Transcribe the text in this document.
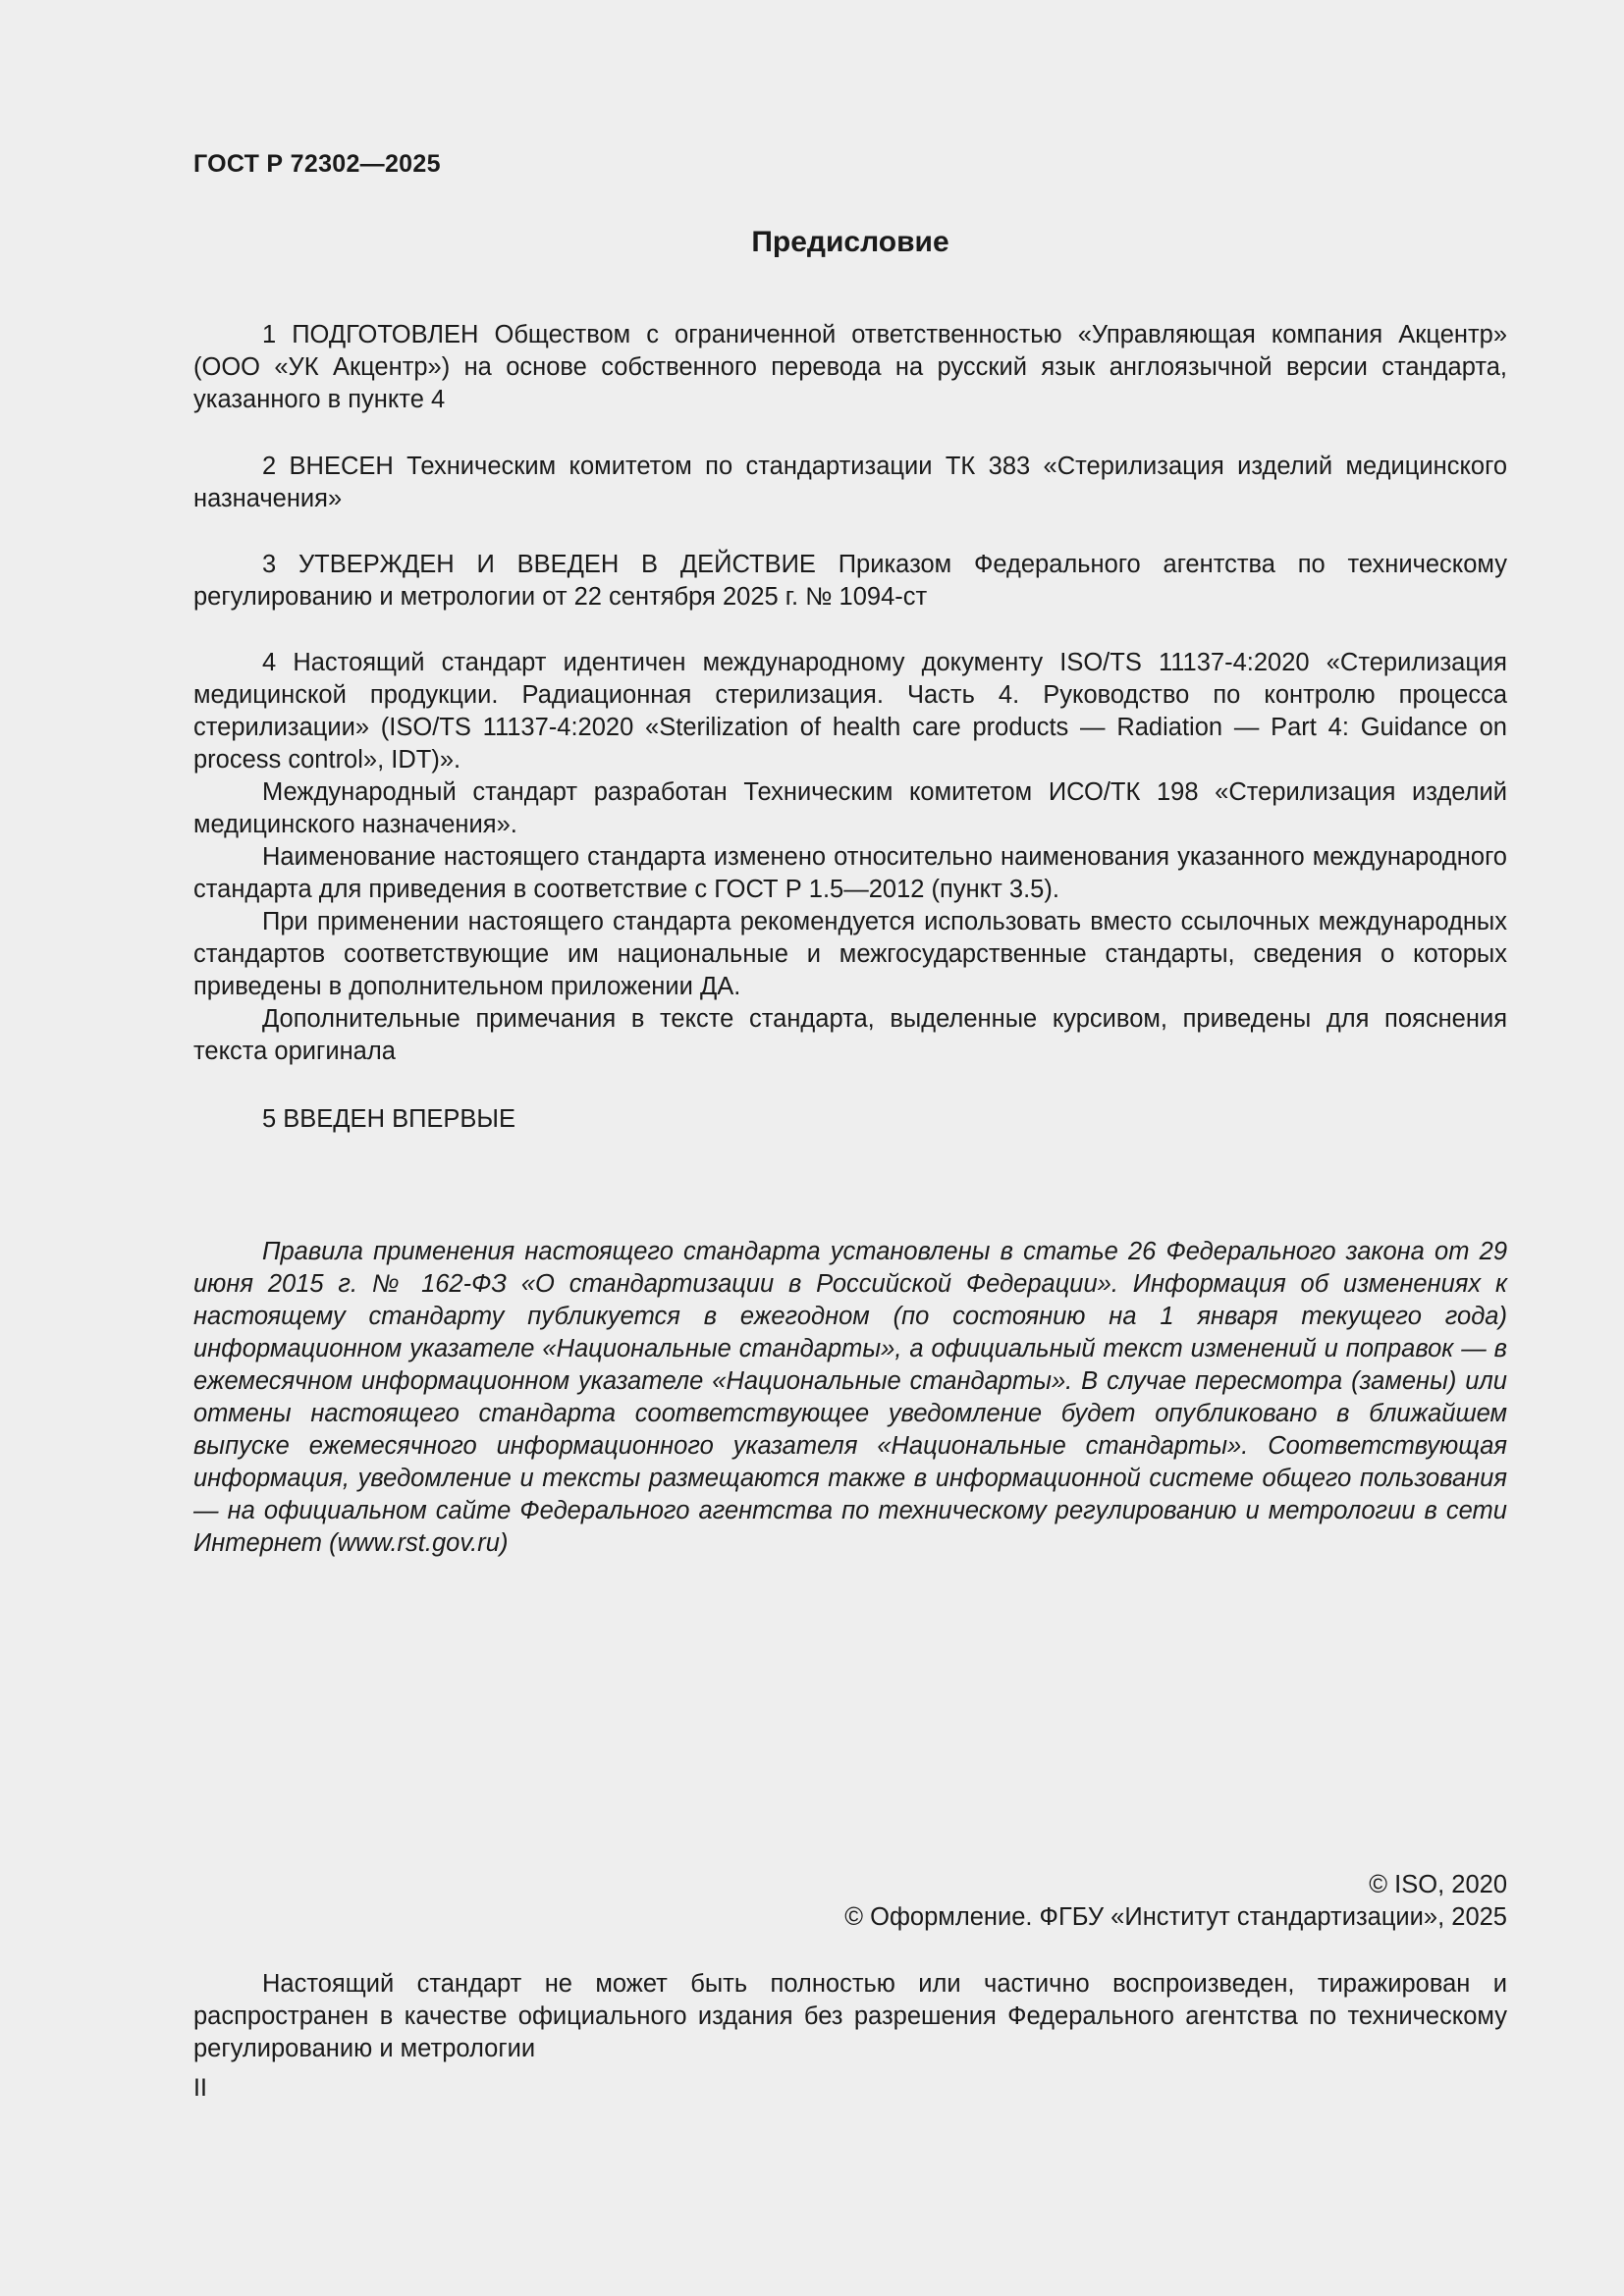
ГОСТ Р 72302—2025
Предисловие

1 ПОДГОТОВЛЕН Обществом с ограниченной ответственностью «Управляющая компания Акцентр» (ООО «УК Акцентр») на основе собственного перевода на русский язык англоязычной версии стандарта, указанного в пункте 4

2 ВНЕСЕН Техническим комитетом по стандартизации ТК 383 «Стерилизация изделий медицинского назначения»

3 УТВЕРЖДЕН И ВВЕДЕН В ДЕЙСТВИЕ Приказом Федерального агентства по техническому регулированию и метрологии от 22 сентября 2025 г. № 1094-ст

4 Настоящий стандарт идентичен международному документу ISO/TS 11137-4:2020 «Стерилизация медицинской продукции. Радиационная стерилизация. Часть 4. Руководство по контролю процесса стерилизации» (ISO/TS 11137-4:2020 «Sterilization of health care products — Radiation — Part 4: Guidance on process control», IDT)».

Международный стандарт разработан Техническим комитетом ИСО/ТК 198 «Стерилизация изделий медицинского назначения».

Наименование настоящего стандарта изменено относительно наименования указанного международного стандарта для приведения в соответствие с ГОСТ Р 1.5—2012 (пункт 3.5).

При применении настоящего стандарта рекомендуется использовать вместо ссылочных международных стандартов соответствующие им национальные и межгосударственные стандарты, сведения о которых приведены в дополнительном приложении ДА.

Дополнительные примечания в тексте стандарта, выделенные курсивом, приведены для пояснения текста оригинала

5 ВВЕДЕН ВПЕРВЫЕ

Правила применения настоящего стандарта установлены в статье 26 Федерального закона от 29 июня 2015 г. № 162-ФЗ «О стандартизации в Российской Федерации». Информация об изменениях к настоящему стандарту публикуется в ежегодном (по состоянию на 1 января текущего года) информационном указателе «Национальные стандарты», а официальный текст изменений и поправок — в ежемесячном информационном указателе «Национальные стандарты». В случае пересмотра (замены) или отмены настоящего стандарта соответствующее уведомление будет опубликовано в ближайшем выпуске ежемесячного информационного указателя «Национальные стандарты». Соответствующая информация, уведомление и тексты размещаются также в информационной системе общего пользования — на официальном сайте Федерального агентства по техническому регулированию и метрологии в сети Интернет (www.rst.gov.ru)

© ISO, 2020
© Оформление. ФГБУ «Институт стандартизации», 2025

Настоящий стандарт не может быть полностью или частично воспроизведен, тиражирован и распространен в качестве официального издания без разрешения Федерального агентства по техническому регулированию и метрологии

II
